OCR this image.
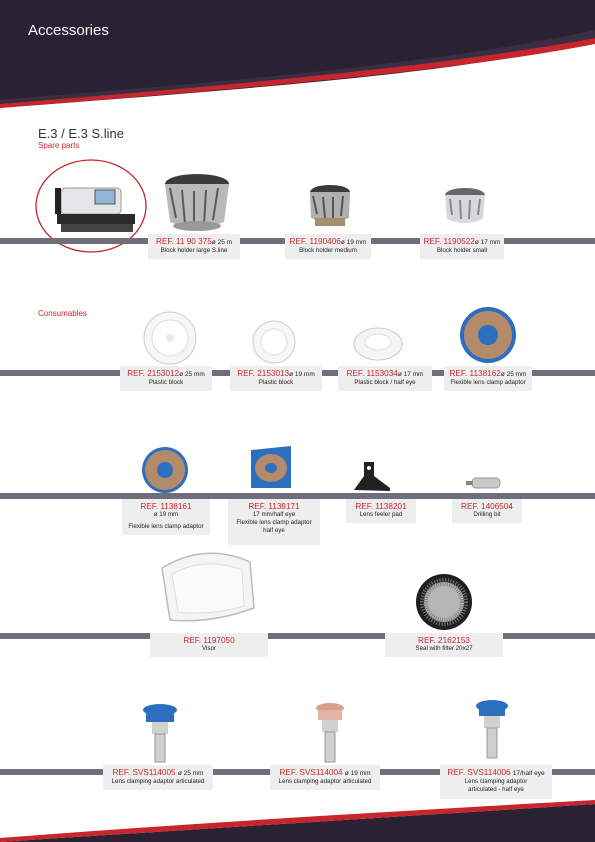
Accessories
E.3 / E.3 S.line
Spare parts
REF. 11 90 375ø 25 m
Block holder large S.line
REF. 1190406ø 19 mm
Block holder medium
REF. 1190522ø 17 mm
Block holder small
Consumables
REF. 2153012ø 25 mm
Plastic block
REF. 2153013ø 19 mm
Plastic block
REF. 1153034ø 17 mm
Plastic block / half eye
REF. 1138162ø 25 mm
Flexible lens clamp adaptor
REF. 1138161
ø 19 mm
Flexible lens clamp adaptor
REF. 1138171
17 mm/half eye
Flexible lens clamp adaptor
half eye
REF. 1138201
Lens feeler pad
REF. 1406504
Drilling bit
REF. 1197050
Visor
REF. 2162153
Seal with filter 20x27
REF. SVS114005 ø 25 mm
Lens clamping adaptor articulated
REF. SVS114004 ø 19 mm
Lens clamping adaptor articulated
REF. SVS114006 17/half eye
Lens clamping adaptor
articulated - half eye
